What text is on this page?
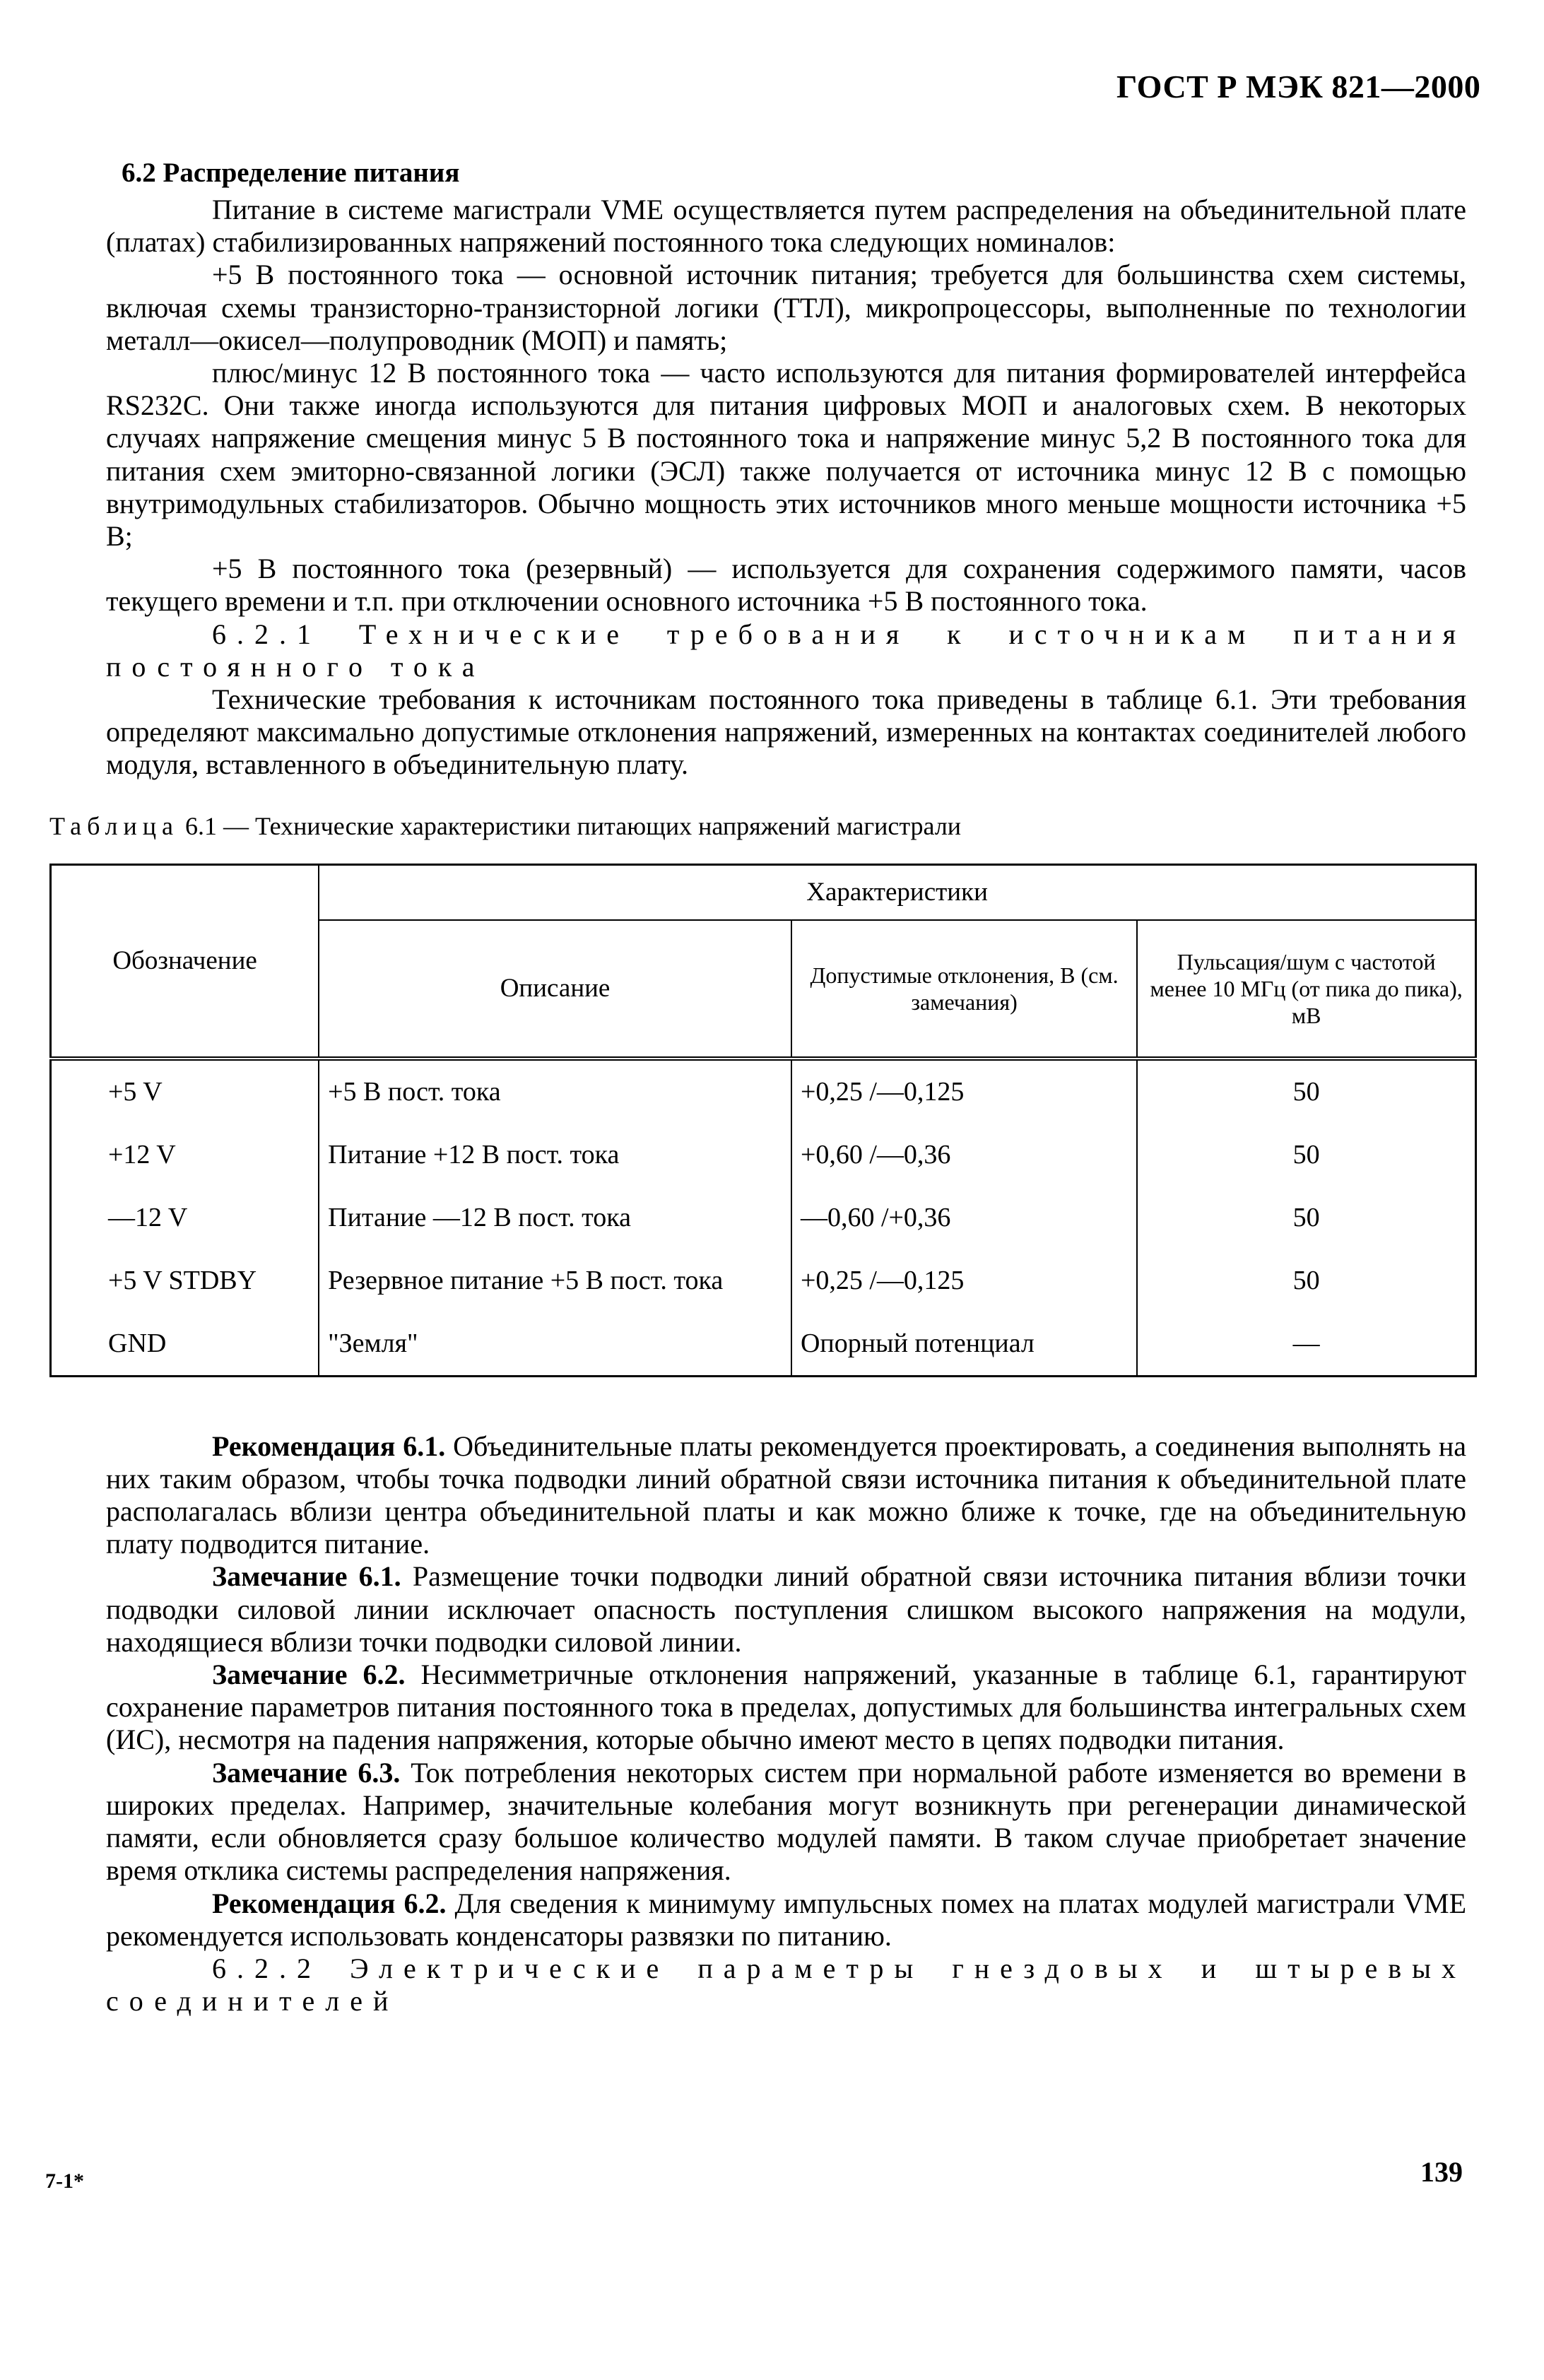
ГОСТ Р МЭК 821—2000
6.2 Распределение питания

Питание в системе магистрали VME осуществляется путем распределения на объединительной плате (платах) стабилизированных напряжений постоянного тока следующих номиналов:

+5 В постоянного тока — основной источник питания; требуется для большинства схем системы, включая схемы транзисторно-транзисторной логики (ТТЛ), микропроцессоры, выполненные по технологии металл—окисел—полупроводник (МОП) и память;

плюс/минус 12 В постоянного тока — часто используются для питания формирователей интерфейса RS232C. Они также иногда используются для питания цифровых МОП и аналоговых схем. В некоторых случаях напряжение смещения минус 5 В постоянного тока и напряжение минус 5,2 В постоянного тока для питания схем эмиторно-связанной логики (ЭСЛ) также получается от источника минус 12 В с помощью внутримодульных стабилизаторов. Обычно мощность этих источников много меньше мощности источника +5 В;

+5 В постоянного тока (резервный) — используется для сохранения содержимого памяти, часов текущего времени и т.п. при отключении основного источника +5 В постоянного тока.

6.2.1 Технические требования к источникам питания постоянного тока

Технические требования к источникам постоянного тока приведены в таблице 6.1. Эти требования определяют максимально допустимые отклонения напряжений, измеренных на контактах соединителей любого модуля, вставленного в объединительную плату.

Таблица 6.1 — Технические характеристики питающих напряжений магистрали
Обозначение	Характеристики		
	Описание	Допустимые отклонения, В (см. замечания)	Пульсация/шум с частотой менее 10 МГц (от пика до пика), мВ
+5 V	+5 В пост. тока	+0,25 /—0,125	50
+12 V	Питание +12 В пост. тока	+0,60 /—0,36	50
—12 V	Питание —12 В пост. тока	—0,60 /+0,36	50
+5 V STDBY	Резервное питание +5 В пост. тока	+0,25 /—0,125	50
GND	"Земля"	Опорный потенциал	—

Рекомендация 6.1. Объединительные платы рекомендуется проектировать, а соединения выполнять на них таким образом, чтобы точка подводки линий обратной связи источника питания к объединительной плате располагалась вблизи центра объединительной платы и как можно ближе к точке, где на объединительную плату подводится питание.

Замечание 6.1. Размещение точки подводки линий обратной связи источника питания вблизи точки подводки силовой линии исключает опасность поступления слишком высокого напряжения на модули, находящиеся вблизи точки подводки силовой линии.

Замечание 6.2. Несимметричные отклонения напряжений, указанные в таблице 6.1, гарантируют сохранение параметров питания постоянного тока в пределах, допустимых для большинства интегральных схем (ИС), несмотря на падения напряжения, которые обычно имеют место в цепях подводки питания.

Замечание 6.3. Ток потребления некоторых систем при нормальной работе изменяется во времени в широких пределах. Например, значительные колебания могут возникнуть при регенерации динамической памяти, если обновляется сразу большое количество модулей памяти. В таком случае приобретает значение время отклика системы распределения напряжения.

Рекомендация 6.2. Для сведения к минимуму импульсных помех на платах модулей магистрали VME рекомендуется использовать конденсаторы развязки по питанию.

6.2.2 Электрические параметры гнездовых и штыревых соединителей

7-1*	139
